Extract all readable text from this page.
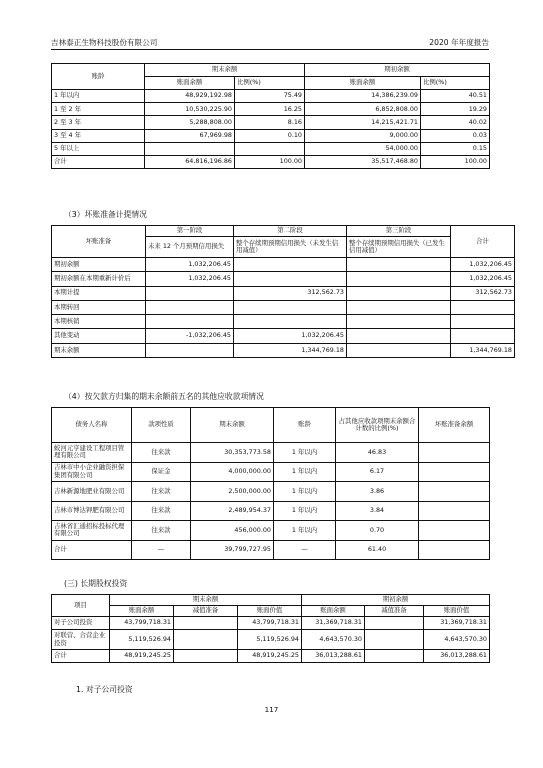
吉林泰正生物科技股份有限公司	2020 年年度报告
账龄	期末余额		期初余额	
	账面余额	比例(%)	账面余额	比例(%)
1 年以内	48,929,192.98	75.49	14,386,239.09	40.51
1 至 2 年	10,530,225.90	16.25	6,852,808.00	19.29
2 至 3 年	5,288,808.00	8.16	14,215,421.71	40.02
3 至 4 年	67,969.98	0.10	9,000.00	0.03
5 年以上			54,000.00	0.15
合计	64,816,196.86	100.00	35,517,468.80	100.00
（3）坏账准备计提情况
坏账准备	第一阶段	第二阶段	第三阶段	合计
	未来 12 个月预期信用损失	整个存续期预期信用损失（未发生信用减值）	整个存续期预期信用损失（已发生信用减值）	
期初余额	1,032,206.45			1,032,206.45
期初余额在本期重新计价后	1,032,206.45			1,032,206.45
本期计提		312,562.73		312,562.73
本期转回				
本期核销				
其他变动	-1,032,206.45	1,032,206.45		
期末余额		1,344,769.18		1,344,769.18
（4）按欠款方归集的期末余额前五名的其他应收款项情况
债务人名称	款项性质	期末余额	账龄	占其他应收款项期末余额合计数的比例(%)	坏账准备余额
蛟河元亨建设工程项目管理有限公司	往来款	30,353,773.58	1 年以内	46.83	
吉林市中小企业融资担保集团有限公司	保证金	4,000,000.00	1 年以内	6.17	
吉林新源地肥业有限公司	往来款	2,500,000.00	1 年以内	3.86	
吉林市博达钾肥有限公司	往来款	2,489,954.37	1 年以内	3.84	
吉林省汇通招标投标代理有限公司	往来款	456,000.00	1 年以内	0.70	
合计	—	39,799,727.95	—	61.40	
(三) 长期股权投资
项目	期末余额			期初余额		
	账面余额	减值准备	账面价值	账面余额	减值准备	账面价值
对子公司投资	43,799,718.31		43,799,718.31	31,369,718.31		31,369,718.31
对联营、合营企业投资	5,119,526.94		5,119,526.94	4,643,570.30		4,643,570.30
合计	48,919,245.25		48,919,245.25	36,013,288.61		36,013,288.61
1. 对子公司投资
117
